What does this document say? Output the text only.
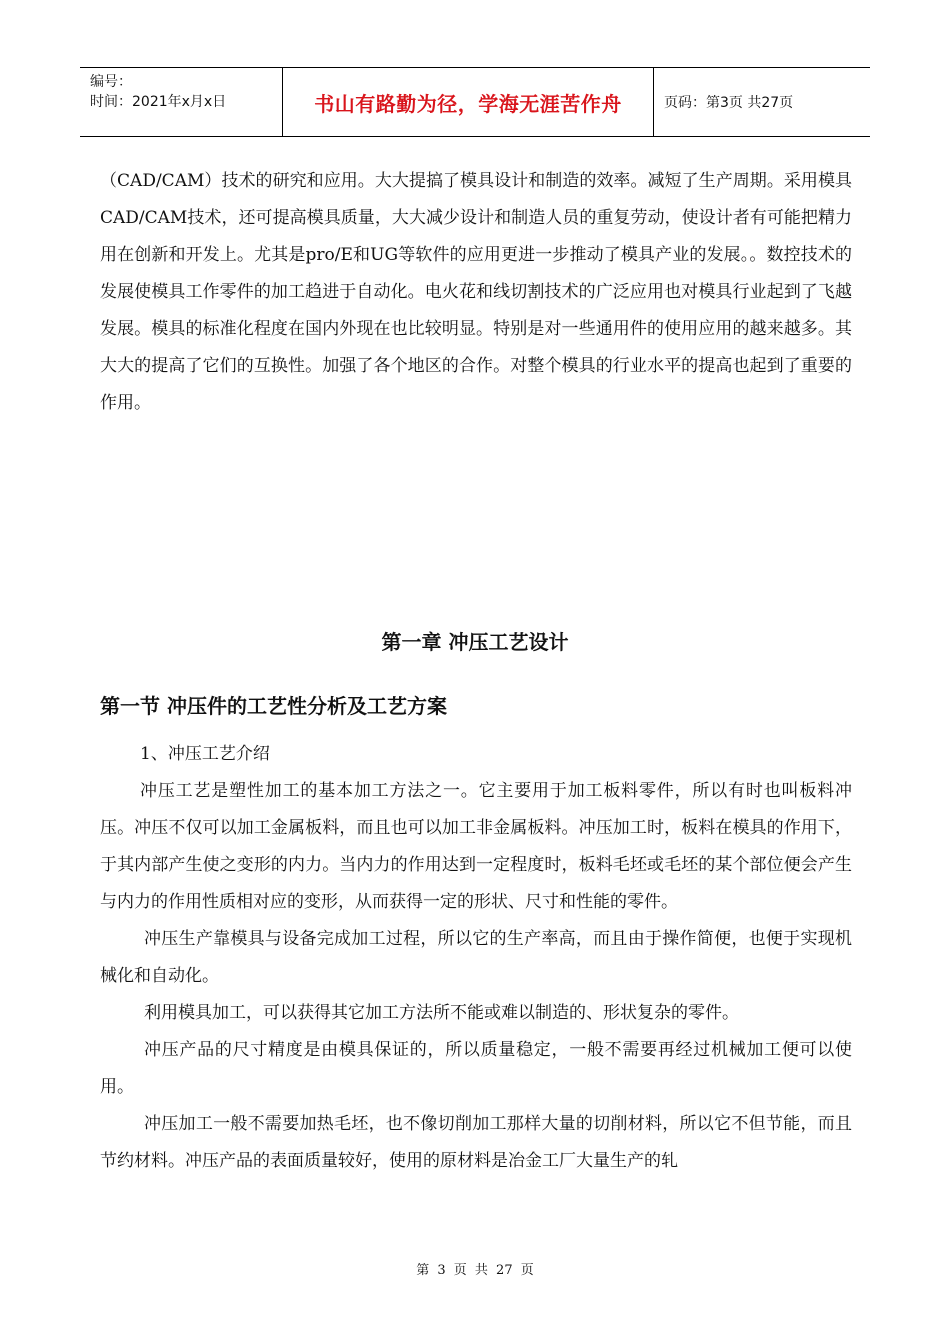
编号：
时间：2021年x月x日	书山有路勤为径，学海无涯苦作舟	页码：第3页 共27页

（CAD/CAM）技术的研究和应用。大大提搞了模具设计和制造的效率。减短了生产周期。采用模具CAD/CAM技术，还可提高模具质量，大大减少设计和制造人员的重复劳动，使设计者有可能把精力用在创新和开发上。尤其是pro/E和UG等软件的应用更进一步推动了模具产业的发展。。数控技术的发展使模具工作零件的加工趋进于自动化。电火花和线切割技术的广泛应用也对模具行业起到了飞越发展。模具的标准化程度在国内外现在也比较明显。特别是对一些通用件的使用应用的越来越多。其大大的提高了它们的互换性。加强了各个地区的合作。对整个模具的行业水平的提高也起到了重要的作用。

第一章 冲压工艺设计
第一节 冲压件的工艺性分析及工艺方案

1、冲压工艺介绍

冲压工艺是塑性加工的基本加工方法之一。它主要用于加工板料零件，所以有时也叫板料冲压。冲压不仅可以加工金属板料，而且也可以加工非金属板料。冲压加工时，板料在模具的作用下，于其内部产生使之变形的内力。当内力的作用达到一定程度时，板料毛坯或毛坯的某个部位便会产生与内力的作用性质相对应的变形，从而获得一定的形状、尺寸和性能的零件。

冲压生产靠模具与设备完成加工过程，所以它的生产率高，而且由于操作简便，也便于实现机械化和自动化。

利用模具加工，可以获得其它加工方法所不能或难以制造的、形状复杂的零件。

冲压产品的尺寸精度是由模具保证的，所以质量稳定，一般不需要再经过机械加工便可以使用。

冲压加工一般不需要加热毛坯，也不像切削加工那样大量的切削材料，所以它不但节能，而且节约材料。冲压产品的表面质量较好，使用的原材料是冶金工厂大量生产的轧

第 3 页 共 27 页
